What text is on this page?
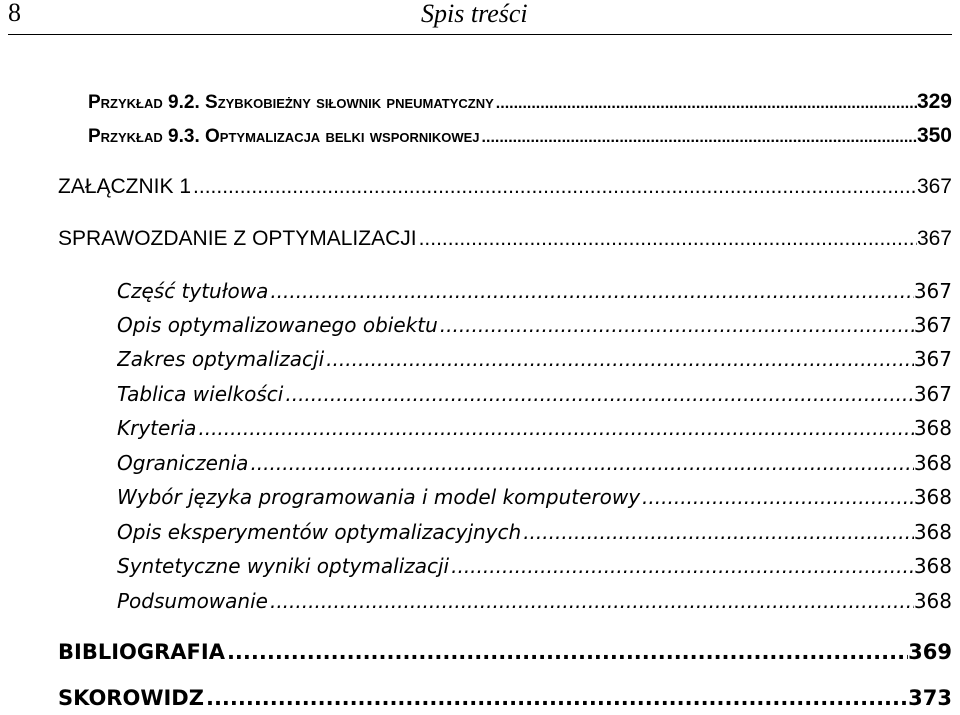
8	Spis treści
Przykład 9.2. Szybkobieżny siłownik pneumatyczny .....	329
Przykład 9.3. Optymalizacja belki wspornikowej .....	350
ZAŁĄCZNIK 1 .....	367
SPRAWOZDANIE Z OPTYMALIZACJI .....	367
Część tytułowa .....	367
Opis optymalizowanego obiektu .....	367
Zakres optymalizacji .....	367
Tablica wielkości .....	367
Kryteria .....	368
Ograniczenia .....	368
Wybór języka programowania i model komputerowy .....	368
Opis eksperymentów optymalizacyjnych .....	368
Syntetyczne wyniki optymalizacji .....	368
Podsumowanie .....	368
BIBLIOGRAFIA .....	369
SKOROWIDZ .....	373
